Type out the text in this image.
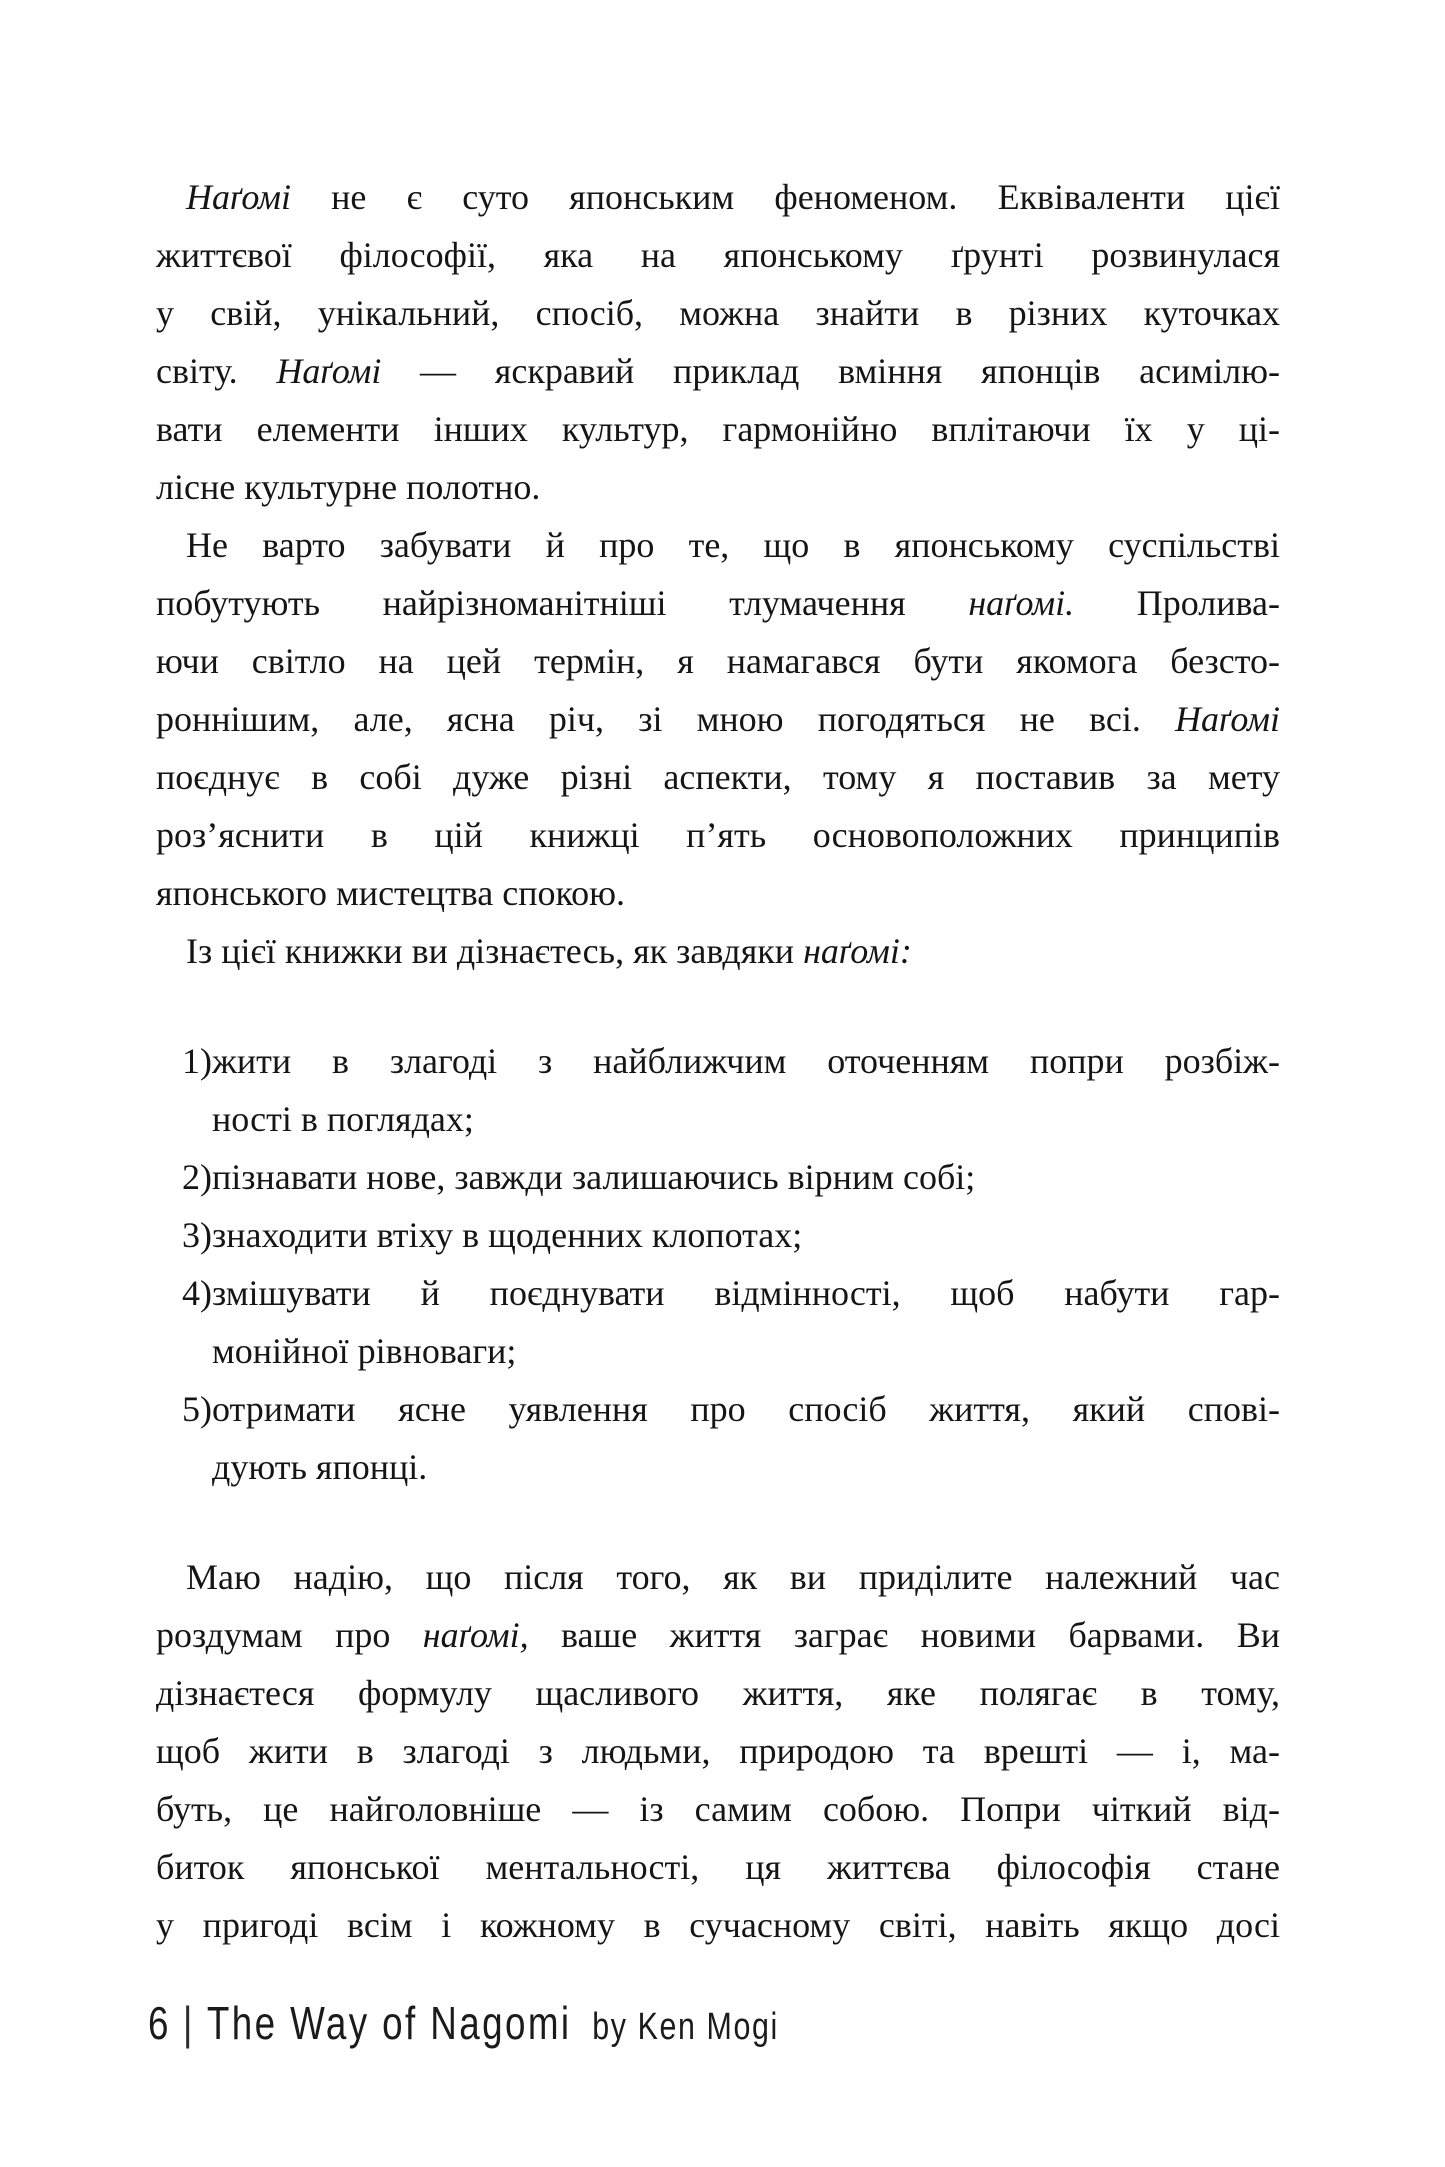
Наґомі не є суто японським феноменом. Еквіваленти цієї
життєвої філософії, яка на японському ґрунті розвинулася
у свій, унікальний, спосіб, можна знайти в різних куточках
світу. Наґомі — яскравий приклад вміння японців асимілю-
вати елементи інших культур, гармонійно вплітаючи їх у ці-
лісне культурне полотно.
Не варто забувати й про те, що в японському суспільстві
побутують найрізноманітніші тлумачення наґомі. Пролива-
ючи світло на цей термін, я намагався бути якомога безсто-
роннішим, але, ясна річ, зі мною погодяться не всі. Наґомі
поєднує в собі дуже різні аспекти, тому я поставив за мету
роз’яснити в цій книжці п’ять основоположних принципів
японського мистецтва спокою.
Із цієї книжки ви дізнаєтесь, як завдяки наґомі:
1) жити в злагоді з найближчим оточенням попри розбіж-
ності в поглядах;
2) пізнавати нове, завжди залишаючись вірним собі;
3) знаходити втіху в щоденних клопотах;
4) змішувати й поєднувати відмінності, щоб набути гар-
монійної рівноваги;
5) отримати ясне уявлення про спосіб життя, який спові-
дують японці.
Маю надію, що після того, як ви приділите належний час
роздумам про наґомі, ваше життя заграє новими барвами. Ви
дізнаєтеся формулу щасливого життя, яке полягає в тому,
щоб жити в злагоді з людьми, природою та врешті — і, ма-
буть, це найголовніше — із самим собою. Попри чіткий від-
биток японської ментальності, ця життєва філософія стане
у пригоді всім і кожному в сучасному світі, навіть якщо досі
6 | The Way of Nagomi by Ken Mogi
